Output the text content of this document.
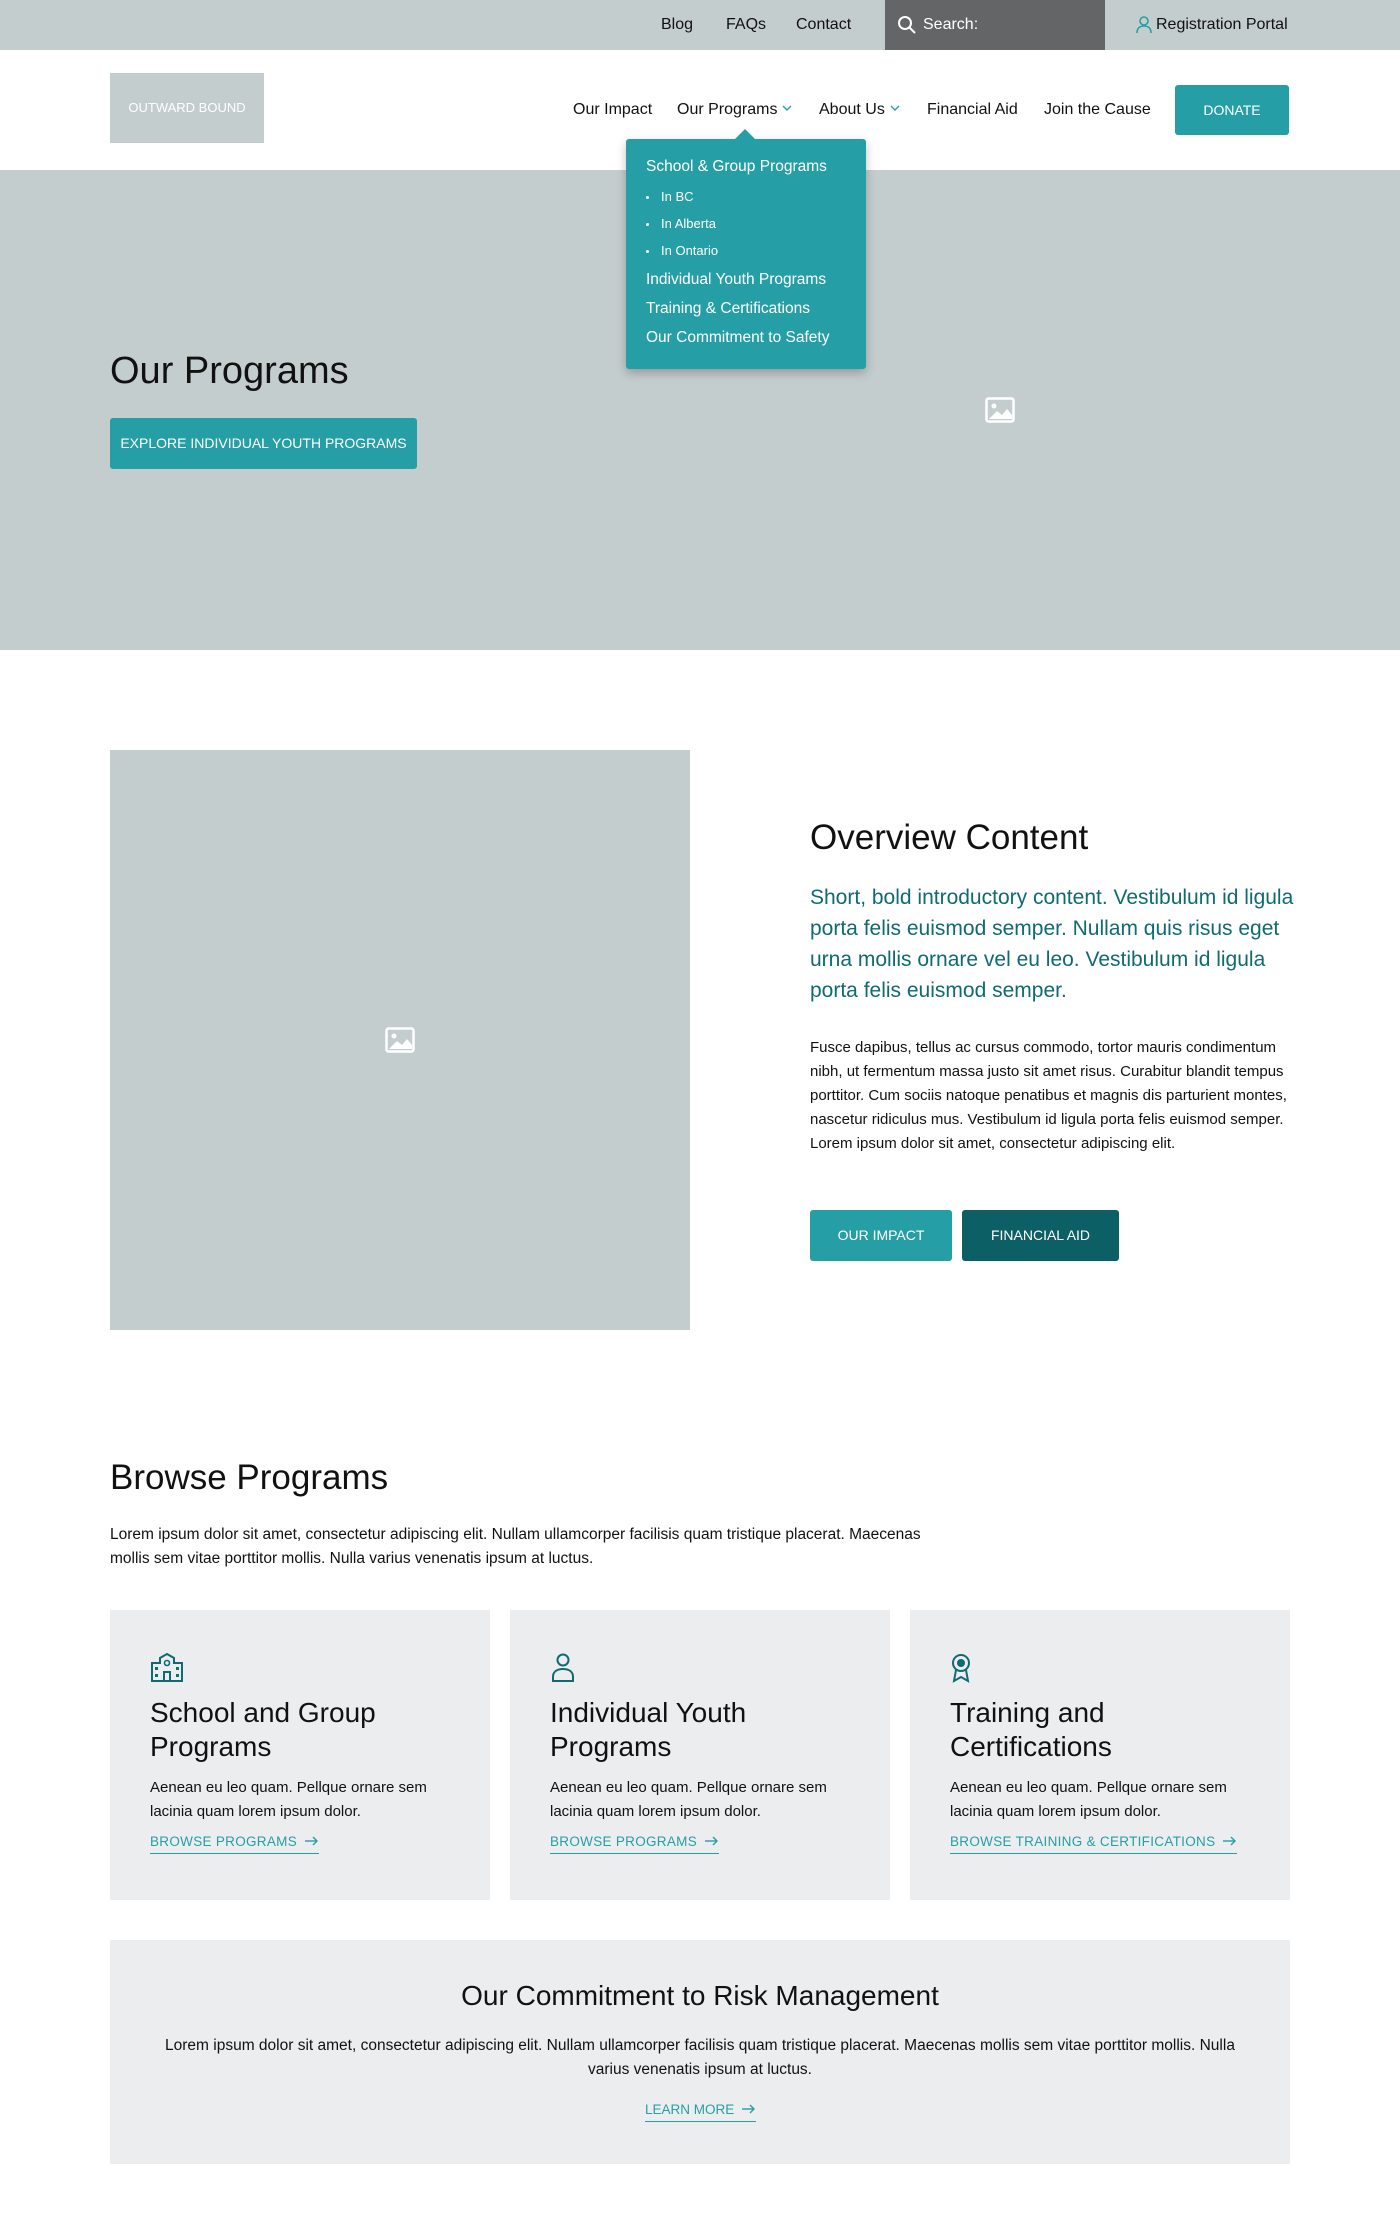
Blog FAQs Contact	Search:	Registration Portal
OUTWARD BOUND	Our Impact Our Programs	About Us	Financial Aid Join the Cause	DONATE
School & Group Programs
In BC
In Alberta
In Ontario
Individual Youth Programs
Training & Certifications
Our Commitment to Safety
Our Programs
EXPLORE INDIVIDUAL YOUTH PROGRAMS
Overview Content
Short, bold introductory content. Vestibulum id ligula porta felis euismod semper. Nullam quis risus eget urna mollis ornare vel eu leo. Vestibulum id ligula porta felis euismod semper.
Fusce dapibus, tellus ac cursus commodo, tortor mauris condimentum nibh, ut fermentum massa justo sit amet risus. Curabitur blandit tempus porttitor. Cum sociis natoque penatibus et magnis dis parturient montes, nascetur ridiculus mus. Vestibulum id ligula porta felis euismod semper. Lorem ipsum dolor sit amet, consectetur adipiscing elit.
OUR IMPACT	FINANCIAL AID
Browse Programs
Lorem ipsum dolor sit amet, consectetur adipiscing elit. Nullam ullamcorper facilisis quam tristique placerat. Maecenas mollis sem vitae porttitor mollis. Nulla varius venenatis ipsum at luctus.
School and Group Programs
Aenean eu leo quam. Pellque ornare sem lacinia quam lorem ipsum dolor.
BROWSE PROGRAMS
Individual Youth Programs
Aenean eu leo quam. Pellque ornare sem lacinia quam lorem ipsum dolor.
BROWSE PROGRAMS
Training and Certifications
Aenean eu leo quam. Pellque ornare sem lacinia quam lorem ipsum dolor.
BROWSE TRAINING & CERTIFICATIONS
Our Commitment to Risk Management
Lorem ipsum dolor sit amet, consectetur adipiscing elit. Nullam ullamcorper facilisis quam tristique placerat. Maecenas mollis sem vitae porttitor mollis. Nulla varius venenatis ipsum at luctus.
LEARN MORE
